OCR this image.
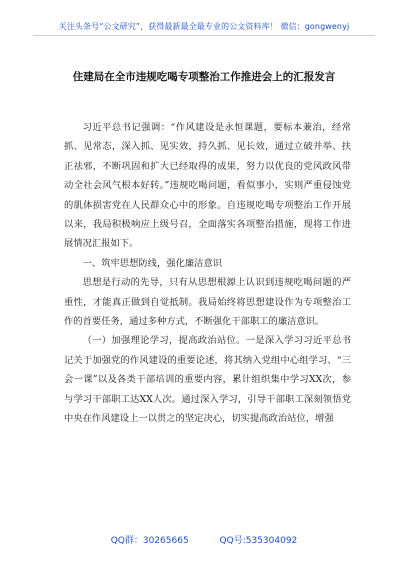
关注头条号“公文研究”，获得最新最全最专业的公文资料库！ 微信：gongwenyj
住建局在全市违规吃喝专项整治工作推进会上的汇报发言

习近平总书记强调：“作风建设是永恒课题，要标本兼治，经常抓、见常态，深入抓、见实效，持久抓、见长效，通过立破并举、扶正祛邪，不断巩固和扩大已经取得的成果，努力以优良的党风政风带动全社会风气根本好转。”违规吃喝问题，看似事小，实则严重侵蚀党的肌体损害党在人民群众心中的形象。自违规吃喝专项整治工作开展以来，我局积极响应上级号召，全面落实各项整治措施，现将工作进展情况汇报如下。

一、筑牢思想防线，强化廉洁意识

思想是行动的先导，只有从思想根源上认识到违规吃喝问题的严重性，才能真正做到自觉抵制。我局始终将思想建设作为专项整治工作的首要任务，通过多种方式，不断强化干部职工的廉洁意识。

（一）加强理论学习，提高政治站位。一是深入学习习近平总书记关于加强党的作风建设的重要论述，将其纳入党组中心组学习、“三会一课”以及各类干部培训的重要内容，累计组织集中学习XX次，参与学习干部职工达XX人次。通过深入学习，引导干部职工深刻领悟党中央在作风建设上一以贯之的坚定决心，切实提高政治站位，增强

QQ群：30265665	QQ号:535304092
